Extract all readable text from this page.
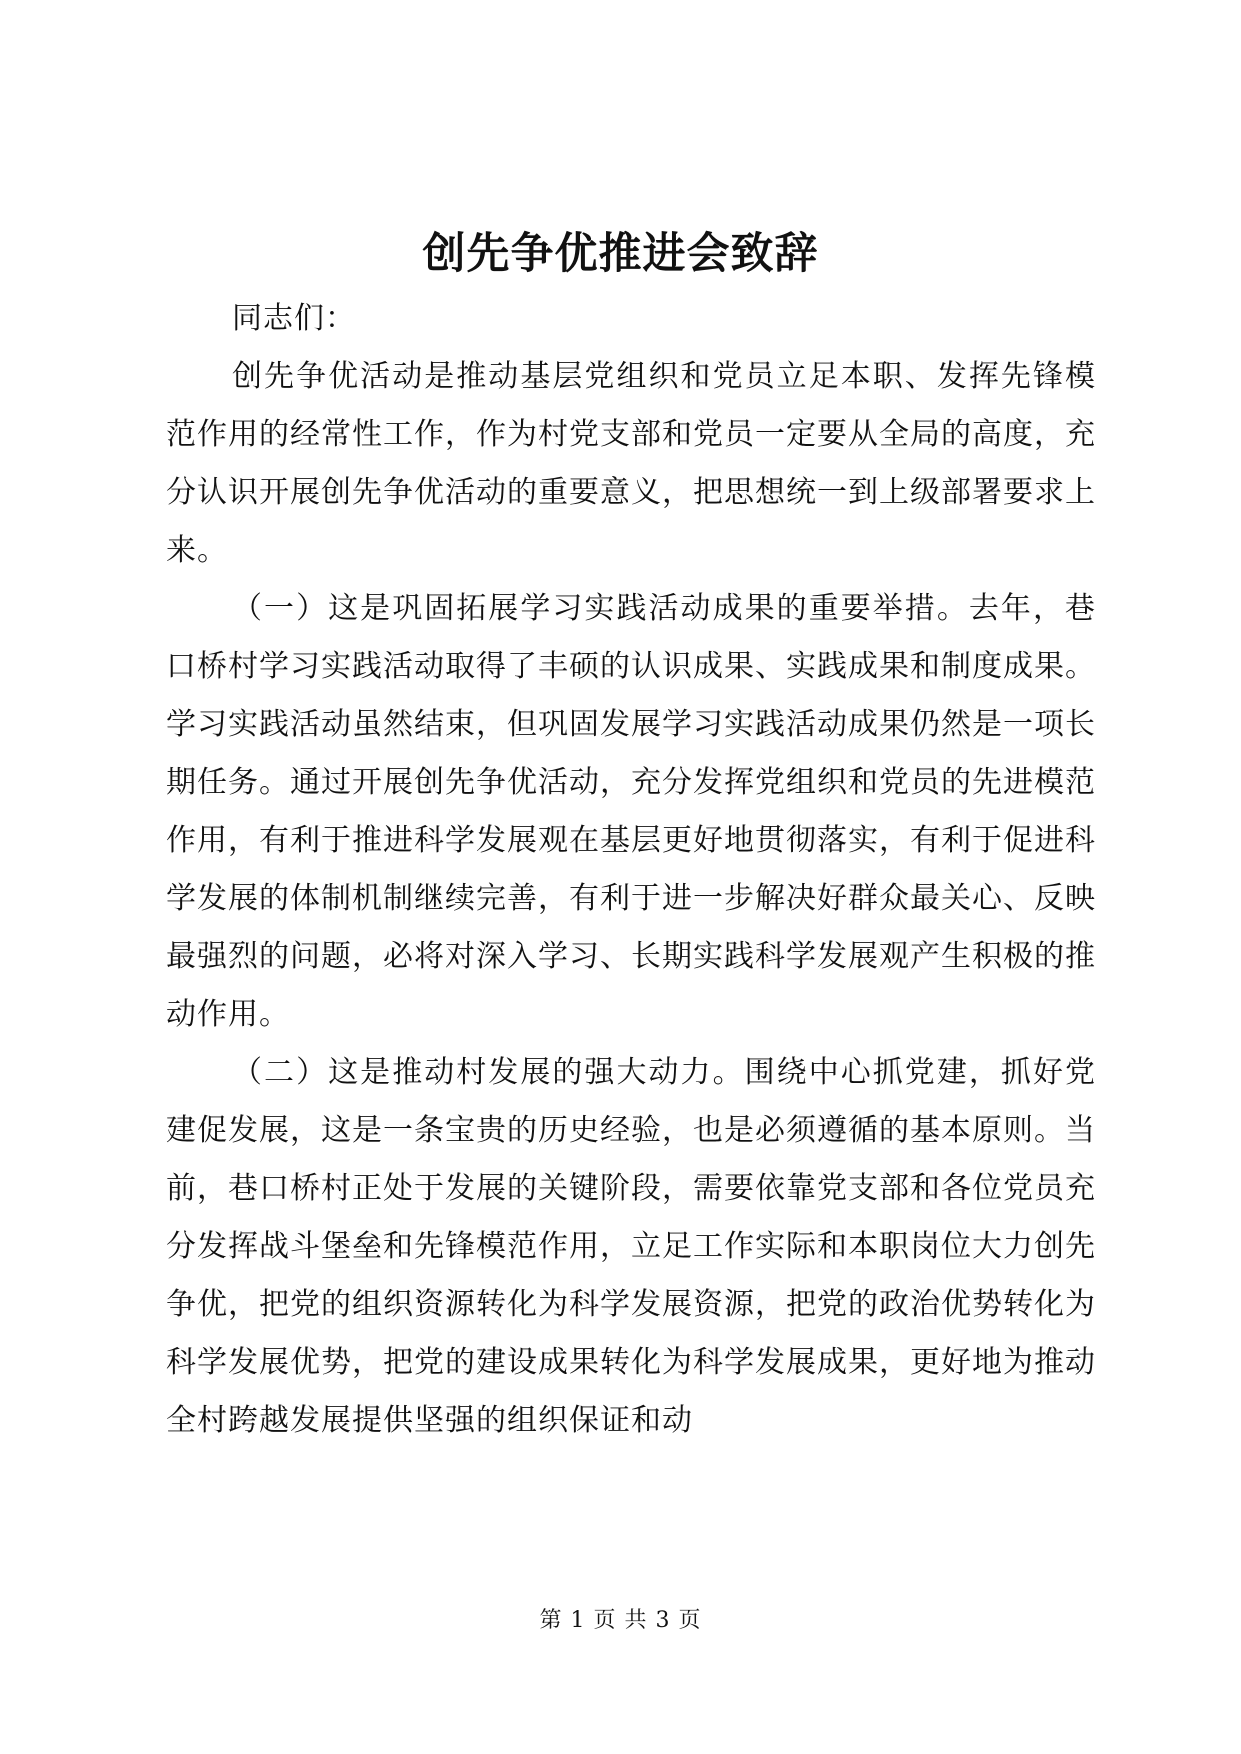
创先争优推进会致辞

同志们：

创先争优活动是推动基层党组织和党员立足本职、发挥先锋模范作用的经常性工作，作为村党支部和党员一定要从全局的高度，充分认识开展创先争优活动的重要意义，把思想统一到上级部署要求上来。

（一）这是巩固拓展学习实践活动成果的重要举措。去年，巷口桥村学习实践活动取得了丰硕的认识成果、实践成果和制度成果。学习实践活动虽然结束，但巩固发展学习实践活动成果仍然是一项长期任务。通过开展创先争优活动，充分发挥党组织和党员的先进模范作用，有利于推进科学发展观在基层更好地贯彻落实，有利于促进科学发展的体制机制继续完善，有利于进一步解决好群众最关心、反映最强烈的问题，必将对深入学习、长期实践科学发展观产生积极的推动作用。

（二）这是推动村发展的强大动力。围绕中心抓党建，抓好党建促发展，这是一条宝贵的历史经验，也是必须遵循的基本原则。当前，巷口桥村正处于发展的关键阶段，需要依靠党支部和各位党员充分发挥战斗堡垒和先锋模范作用，立足工作实际和本职岗位大力创先争优，把党的组织资源转化为科学发展资源，把党的政治优势转化为科学发展优势，把党的建设成果转化为科学发展成果，更好地为推动全村跨越发展提供坚强的组织保证和动

第 1 页 共 3 页
